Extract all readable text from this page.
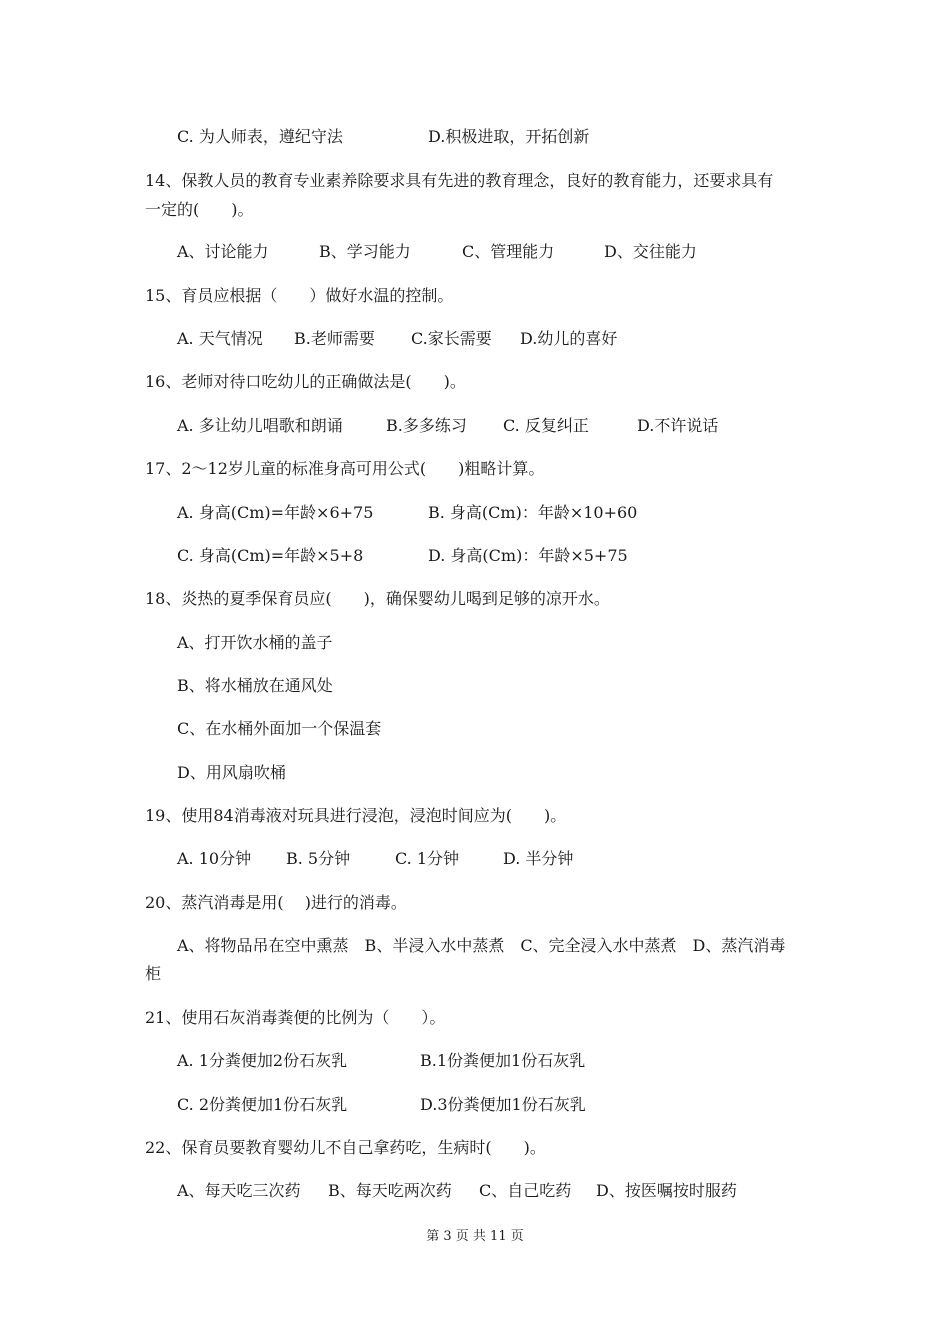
C. 为人师表，遵纪守法	D.积极进取，开拓创新
14、保教人员的教育专业素养除要求具有先进的教育理念，良好的教育能力，还要求具有
一定的(　　)。
A、讨论能力	B、学习能力	C、管理能力	D、交往能力
15、育员应根据（　　）做好水温的控制。
A. 天气情况 B.老师需要 C.家长需要 D.幼儿的喜好
16、老师对待口吃幼儿的正确做法是(　　)。
A. 多让幼儿唱歌和朗诵	B.多多练习 C. 反复纠正	D.不许说话
17、2～12岁儿童的标准身高可用公式(　　)粗略计算。
A. 身高(Cm)=年龄×6+75	B. 身高(Cm)：年龄×10+60
C. 身高(Cm)=年龄×5+8	D. 身高(Cm)：年龄×5+75
18、炎热的夏季保育员应(　　)，确保婴幼儿喝到足够的凉开水。
A、打开饮水桶的盖子
B、将水桶放在通风处
C、在水桶外面加一个保温套
D、用风扇吹桶
19、使用84消毒液对玩具进行浸泡，浸泡时间应为(　　)。
A. 10分钟 B. 5分钟	C. 1分钟	D. 半分钟
20、蒸汽消毒是用(　 )进行的消毒。
A、将物品吊在空中熏蒸　B、半浸入水中蒸煮　C、完全浸入水中蒸煮　D、蒸汽消毒
柜
21、使用石灰消毒粪便的比例为（　　）。
A. 1分粪便加2份石灰乳	B.1份粪便加1份石灰乳
C. 2份粪便加1份石灰乳	D.3份粪便加1份石灰乳
22、保育员要教育婴幼儿不自己拿药吃，生病时(　　)。
A、每天吃三次药 B、每天吃两次药 C、自己吃药 D、按医嘱按时服药
第 3 页 共 11 页
